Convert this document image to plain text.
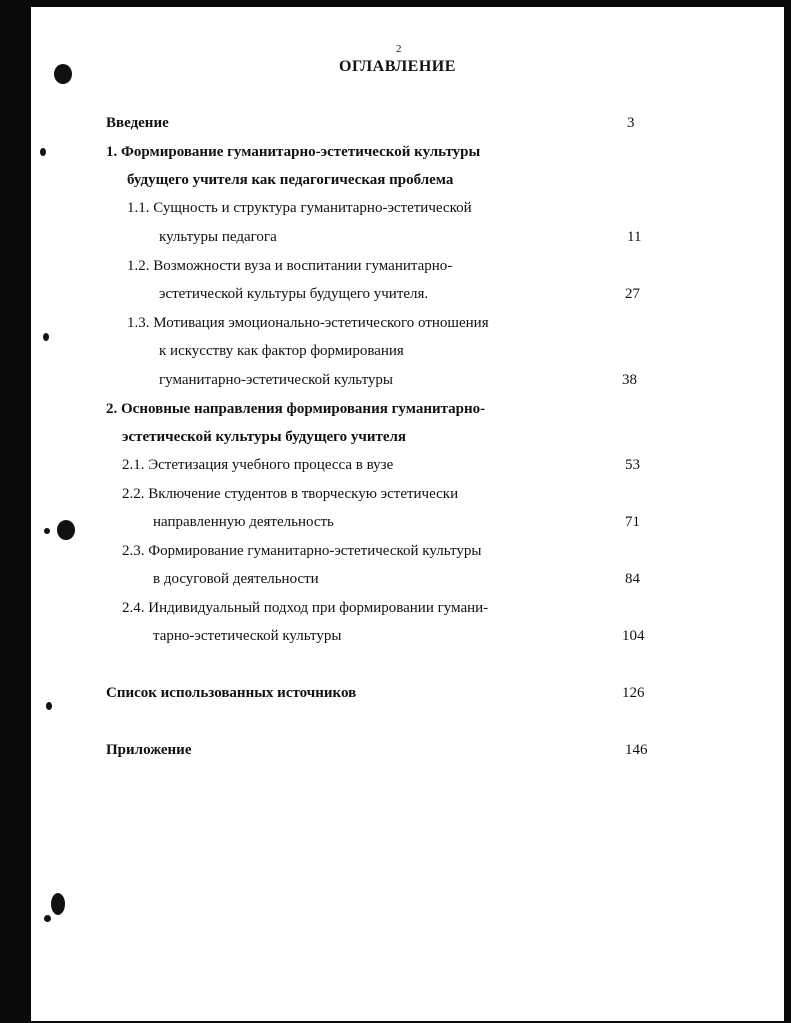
2
ОГЛАВЛЕНИЕ
Введение	3
1. Формирование гуманитарно-эстетической культуры
будущего учителя как педагогическая проблема
1.1. Сущность и структура гуманитарно-эстетической
культуры педагога	11
1.2. Возможности вуза и воспитании гуманитарно-
эстетической культуры будущего учителя.	27
1.3. Мотивация эмоционально-эстетического отношения
к искусству как фактор формирования
гуманитарно-эстетической культуры	38
2. Основные направления формирования гуманитарно-
эстетической культуры будущего учителя
2.1. Эстетизация учебного процесса в вузе	53
2.2. Включение студентов в творческую эстетически
направленную деятельность	71
2.3. Формирование гуманитарно-эстетической культуры
в досуговой деятельности	84
2.4. Индивидуальный подход при формировании гумани-
тарно-эстетической культуры	104
Список использованных источников	126
Приложение	146
